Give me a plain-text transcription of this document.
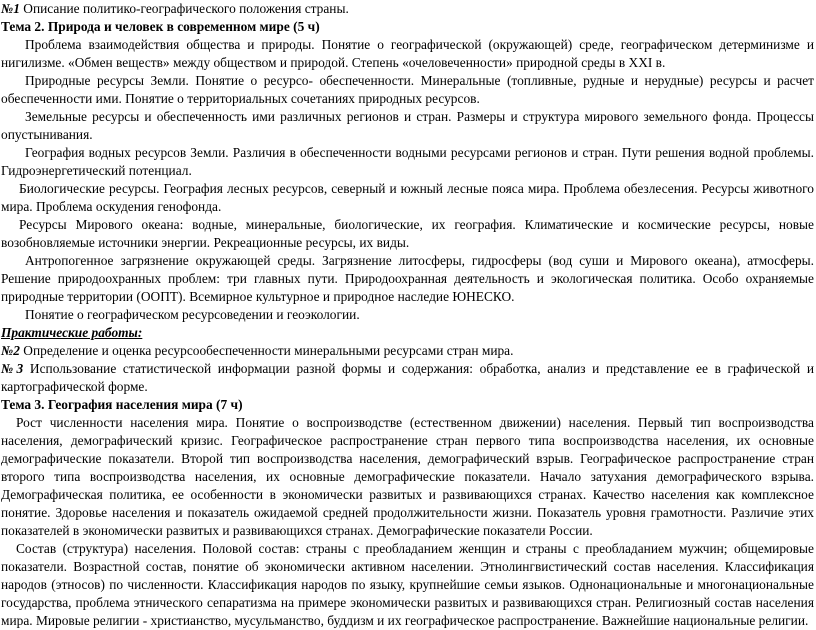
№1 Описание политико-географического положения страны.

Тема 2. Природа и человек в современном мире (5 ч)

Проблема взаимодействия общества и природы. Понятие о географической (окружающей) среде, географическом детерминизме и нигилизме. «Обмен веществ» между обществом и природой. Степень «очеловеченности» природной среды в XXI в.

Природные ресурсы Земли. Понятие о ресурсо- обеспеченности. Минеральные (топливные, рудные и нерудные) ресурсы и расчет обеспеченности ими. Понятие о территориальных сочетаниях природных ресурсов.

Земельные ресурсы и обеспеченность ими различных регионов и стран. Размеры и структура мирового земельного фонда. Процессы опустынивания.

География водных ресурсов Земли. Различия в обеспеченности водными ресурсами регионов и стран. Пути решения водной проблемы. Гидроэнергетический потенциал.

Биологические ресурсы. География лесных ресурсов, северный и южный лесные пояса мира. Проблема обезлесения. Ресурсы животного мира. Проблема оскудения генофонда.

Ресурсы Мирового океана: водные, минеральные, биологические, их география. Климатические и космические ресурсы, новые возобновляемые источники энергии. Рекреационные ресурсы, их виды.

Антропогенное загрязнение окружающей среды. Загрязнение литосферы, гидросферы (вод суши и Мирового океана), атмосферы. Решение природоохранных проблем: три главных пути. Природоохранная деятельность и экологическая политика. Особо охраняемые природные территории (ООПТ). Всемирное культурное и природное наследие ЮНЕСКО.

Понятие о географическом ресурсоведении и геоэкологии.

Практические работы:

№2 Определение и оценка ресурсообеспеченности минеральными ресурсами стран мира.

№3 Использование статистической информации разной формы и содержания: обработка, анализ и представление ее в графической и картографической форме.

Тема 3. География населения мира (7 ч)

Рост численности населения мира. Понятие о воспроизводстве (естественном движении) населения. Первый тип воспроизводства населения, демографический кризис. Географическое распространение стран первого типа воспроизводства населения, их основные демографические показатели. Второй тип воспроизводства населения, демографический взрыв. Географическое распространение стран второго типа воспроизводства населения, их основные демографические показатели. Начало затухания демографического взрыва. Демографическая политика, ее особенности в экономически развитых и развивающихся странах. Качество населения как комплексное понятие. Здоровье населения и показатель ожидаемой средней продолжительности жизни. Показатель уровня грамотности. Различие этих показателей в экономически развитых и развивающихся странах. Демографические показатели России.

Состав (структура) населения. Половой состав: страны с преобладанием женщин и страны с преобладанием мужчин; общемировые показатели. Возрастной состав, понятие об экономически активном населении. Этнолингвистический состав населения. Классификация народов (этносов) по численности. Классификация народов по языку, крупнейшие семьи языков. Однонациональные и многонациональные государства, проблема этнического сепаратизма на примере экономически развитых и развивающихся стран. Религиозный состав населения мира. Мировые религии - христианство, мусульманство, буддизм и их географическое распространение. Важнейшие национальные религии.
